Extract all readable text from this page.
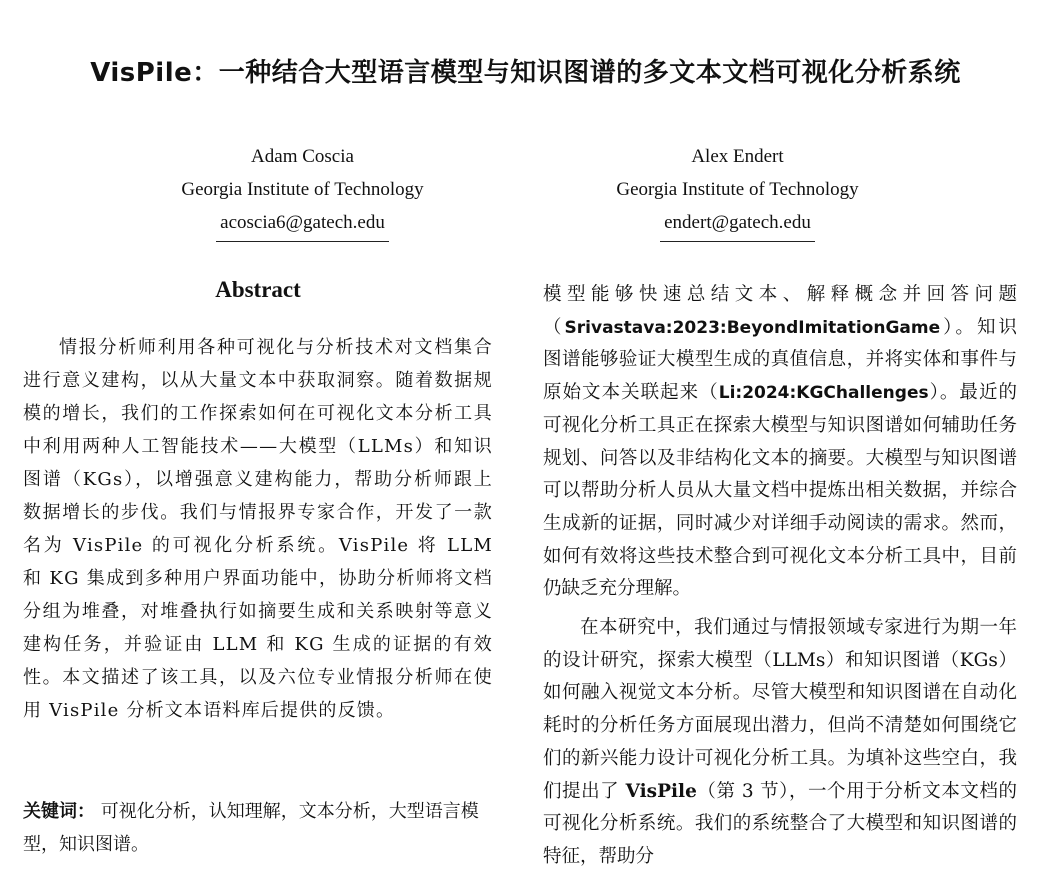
VisPile：一种结合大型语言模型与知识图谱的多文本文档可视化分析系统
Adam Coscia
Georgia Institute of Technology
acoscia6@gatech.edu
Alex Endert
Georgia Institute of Technology
endert@gatech.edu
Abstract

情报分析师利用各种可视化与分析技术对文档集合进行意义建构，以从大量文本中获取洞察。随着数据规模的增长，我们的工作探索如何在可视化文本分析工具中利用两种人工智能技术——大模型（LLMs）和知识图谱（KGs），以增强意义建构能力，帮助分析师跟上数据增长的步伐。我们与情报界专家合作，开发了一款名为 VisPile 的可视化分析系统。VisPile 将 LLM 和 KG 集成到多种用户界面功能中，协助分析师将文档分组为堆叠，对堆叠执行如摘要生成和关系映射等意义建构任务，并验证由 LLM 和 KG 生成的证据的有效性。本文描述了该工具，以及六位专业情报分析师在使用 VisPile 分析文本语料库后提供的反馈。

关键词： 可视化分析，认知理解，文本分析，大型语言模型，知识图谱。

模型能够快速总结文本、解释概念并回答问题（Srivastava:2023:BeyondImitationGame）。知识图谱能够验证大模型生成的真值信息，并将实体和事件与原始文本关联起来（Li:2024:KGChallenges）。最近的可视化分析工具正在探索大模型与知识图谱如何辅助任务规划、问答以及非结构化文本的摘要。大模型与知识图谱可以帮助分析人员从大量文档中提炼出相关数据，并综合生成新的证据，同时减少对详细手动阅读的需求。然而，如何有效将这些技术整合到可视化文本分析工具中，目前仍缺乏充分理解。

在本研究中，我们通过与情报领域专家进行为期一年的设计研究，探索大模型（LLMs）和知识图谱（KGs）如何融入视觉文本分析。尽管大模型和知识图谱在自动化耗时的分析任务方面展现出潜力，但尚不清楚如何围绕它们的新兴能力设计可视化分析工具。为填补这些空白，我们提出了 VisPile（第 3 节），一个用于分析文本文档的可视化分析系统。我们的系统整合了大模型和知识图谱的特征，帮助分
